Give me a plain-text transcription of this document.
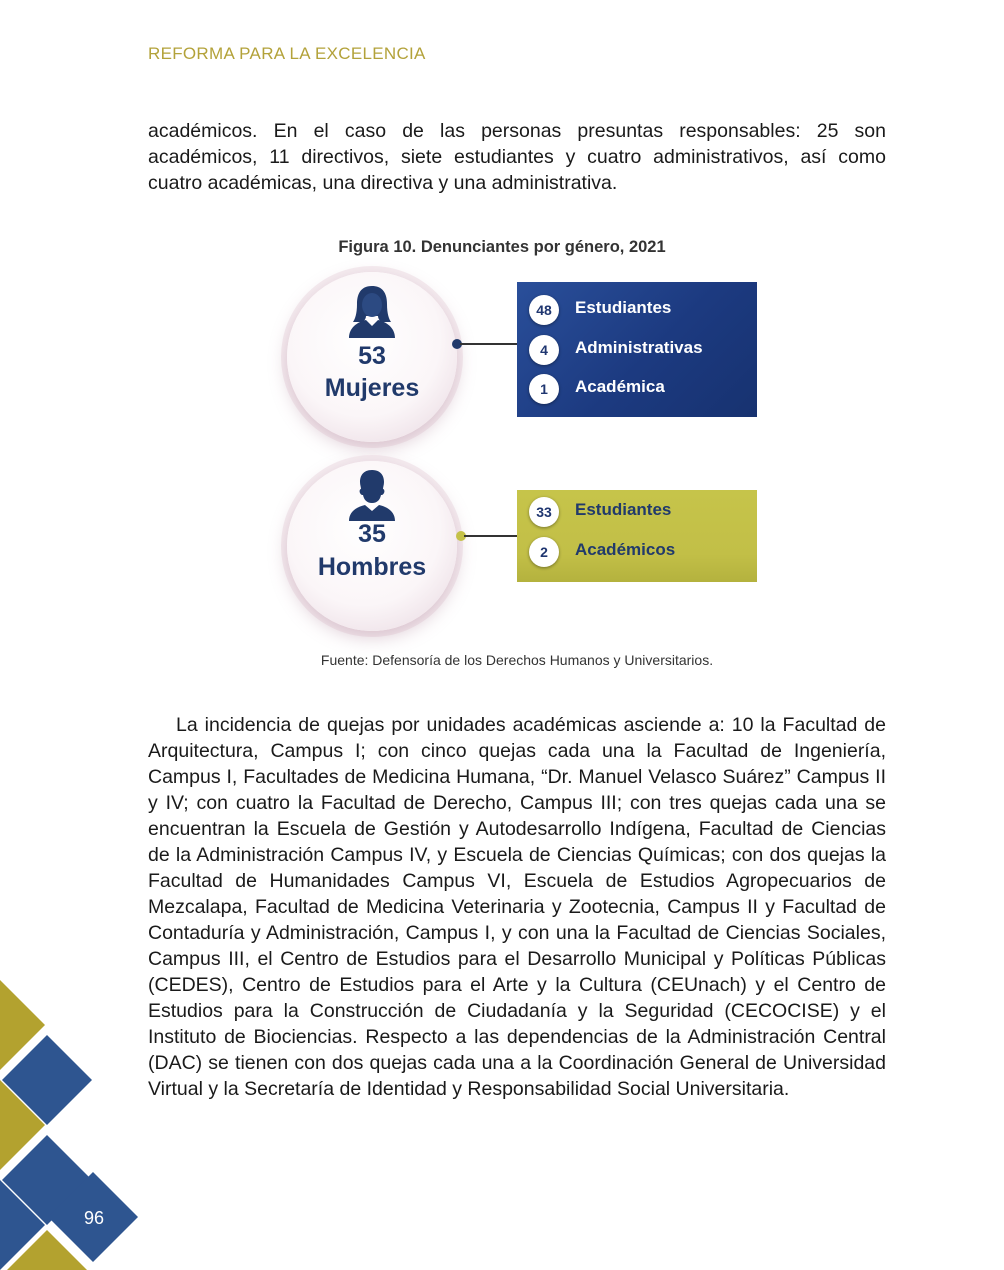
REFORMA PARA LA EXCELENCIA

académicos. En el caso de las personas presuntas responsables: 25 son académicos, 11 directivos, siete estudiantes y cuatro administrativos, así como cuatro académicas, una directiva y una administrativa.

Figura 10. Denunciantes por género, 2021
53
Mujeres
48	Estudiantes
4	Administrativas
1	Académica
35
Hombres
33	Estudiantes
2	Académicos
Fuente: Defensoría de los Derechos Humanos y Universitarios.

La incidencia de quejas por unidades académicas asciende a: 10 la Facultad de Arquitectura, Campus I; con cinco quejas cada una la Facultad de Ingeniería, Campus I, Facultades de Medicina Humana, “Dr. Manuel Velasco Suárez” Campus II y IV; con cuatro la Facultad de Derecho, Campus III; con tres quejas cada una se encuentran la Escuela de Gestión y Autodesarrollo Indígena, Facultad de Ciencias de la Administración Campus IV, y Escuela de Ciencias Químicas; con dos quejas la Facultad de Humanidades Campus VI, Escuela de Estudios Agropecuarios de Mezcalapa, Facultad de Medicina Veterinaria y Zootecnia, Campus II y Facultad de Contaduría y Administración, Campus I, y con una la Facultad de Ciencias Sociales, Campus III, el Centro de Estudios para el Desarrollo Municipal y Políticas Públicas (CEDES), Centro de Estudios para el Arte y la Cultura (CEUnach) y el Centro de Estudios para la Construcción de Ciudadanía y la Seguridad (CECOCISE) y el Instituto de Biociencias. Respecto a las dependencias de la Administración Central (DAC) se tienen con dos quejas cada una a la Coordinación General de Universidad Virtual y la Secretaría de Identidad y Responsabilidad Social Universitaria.

96
